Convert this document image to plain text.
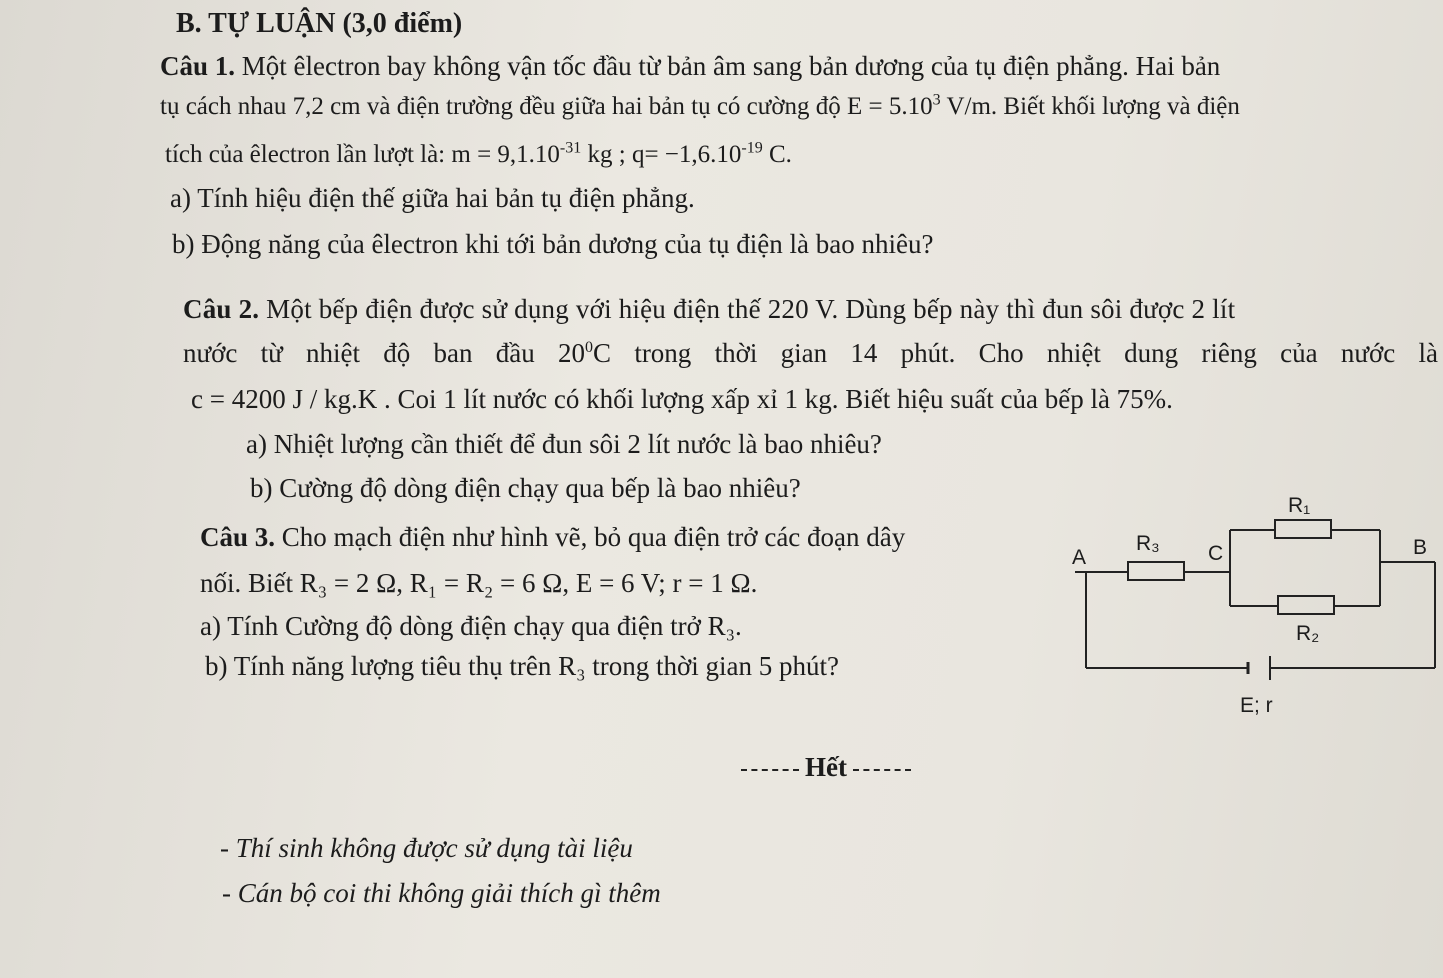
B. TỰ LUẬN (3,0 điểm)
Câu 1. Một êlectron bay không vận tốc đầu từ bản âm sang bản dương của tụ điện phẳng. Hai bản
tụ cách nhau 7,2 cm và điện trường đều giữa hai bản tụ có cường độ $E = 5.10^3$ V/m. Biết khối lượng và điện
tích của êlectron lần lượt là: $m = 9,1.10^{-31}$ kg ; $q= -1,6.10^{-19}$ C.
a) Tính hiệu điện thế giữa hai bản tụ điện phẳng.
b) Động năng của êlectron khi tới bản dương của tụ điện là bao nhiêu?
Câu 2. Một bếp điện được sử dụng với hiệu điện thế 220 V. Dùng bếp này thì đun sôi được 2 lít
nước từ nhiệt độ ban đầu $20^0C$ trong thời gian 14 phút. Cho nhiệt dung riêng của nước là
c = 4200 J / kg.K . Coi 1 lít nước có khối lượng xấp xỉ 1 kg. Biết hiệu suất của bếp là 75%.
a) Nhiệt lượng cần thiết để đun sôi 2 lít nước là bao nhiêu?
b) Cường độ dòng điện chạy qua bếp là bao nhiêu?
Câu 3. Cho mạch điện như hình vẽ, bỏ qua điện trở các đoạn dây
nối. Biết R₃ = 2 Ω, R₁ = R₂ = 6 Ω, E = 6 V; r = 1 Ω.
a) Tính Cường độ dòng điện chạy qua điện trở R₃.
b) Tính năng lượng tiêu thụ trên R₃ trong thời gian 5 phút?
R₁
R₂
R₃
A	B
C
E; r
Hết
- Thí sinh không được sử dụng tài liệu
- Cán bộ coi thi không giải thích gì thêm
